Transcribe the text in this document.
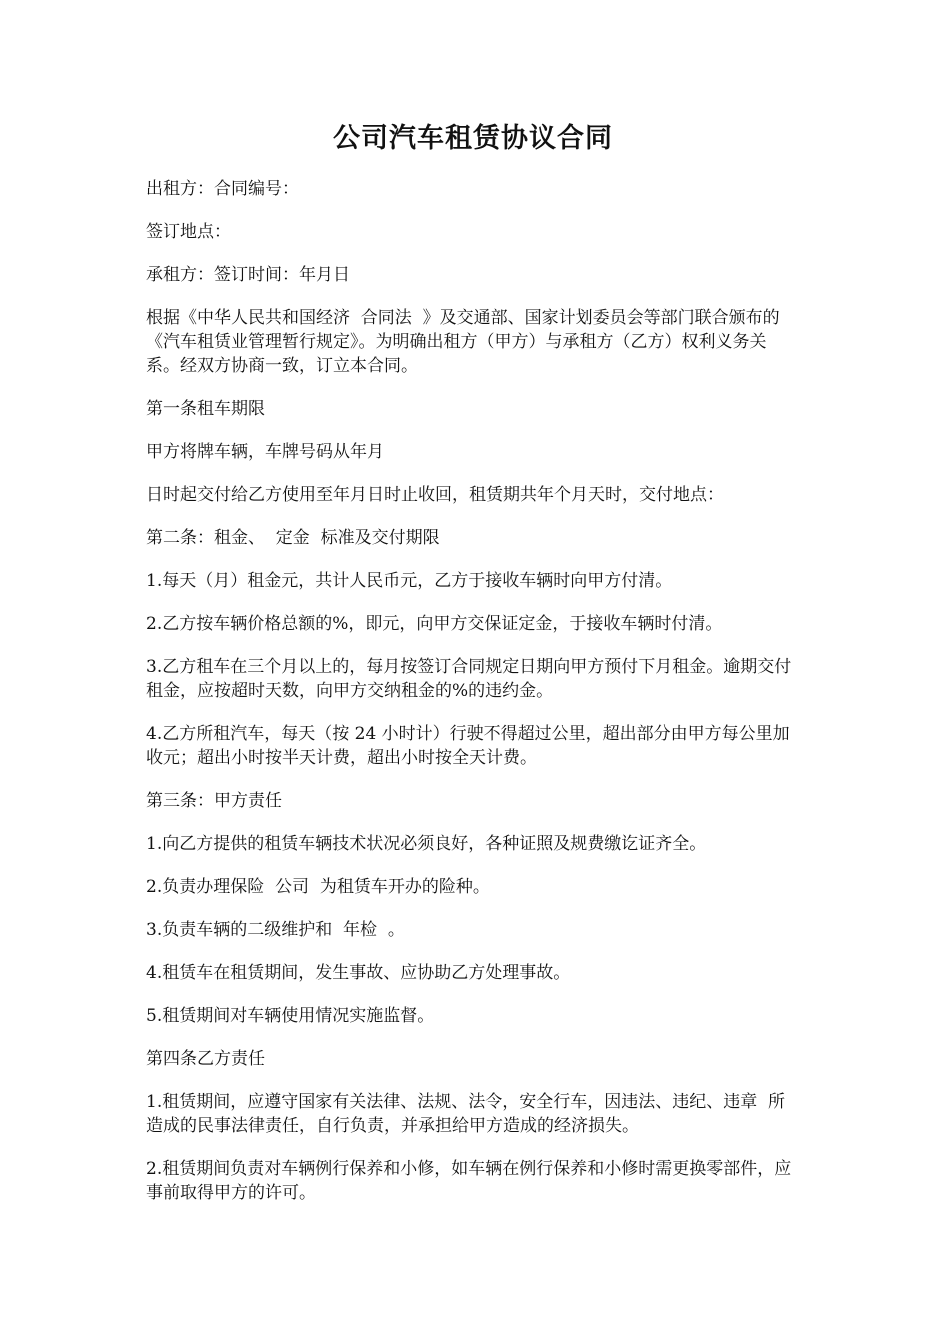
公司汽车租赁协议合同

出租方：合同编号：

签订地点：

承租方：签订时间：年月日

根据《中华人民共和国经济  合同法  》及交通部、国家计划委员会等部门联合颁布的《汽车租赁业管理暂行规定》。为明确出租方（甲方）与承租方（乙方）权利义务关系。经双方协商一致，订立本合同。

第一条租车期限

甲方将牌车辆，车牌号码从年月

日时起交付给乙方使用至年月日时止收回，租赁期共年个月天时，交付地点：

第二条：租金、  定金  标准及交付期限

1.每天（月）租金元，共计人民币元，乙方于接收车辆时向甲方付清。

2.乙方按车辆价格总额的%，即元，向甲方交保证定金，于接收车辆时付清。

3.乙方租车在三个月以上的，每月按签订合同规定日期向甲方预付下月租金。逾期交付租金，应按超时天数，向甲方交纳租金的%的违约金。

4.乙方所租汽车，每天（按 24 小时计）行驶不得超过公里，超出部分由甲方每公里加收元；超出小时按半天计费，超出小时按全天计费。

第三条：甲方责任

1.向乙方提供的租赁车辆技术状况必须良好，各种证照及规费缴讫证齐全。

2.负责办理保险  公司  为租赁车开办的险种。

3.负责车辆的二级维护和  年检  。

4.租赁车在租赁期间，发生事故、应协助乙方处理事故。

5.租赁期间对车辆使用情况实施监督。

第四条乙方责任

1.租赁期间，应遵守国家有关法律、法规、法令，安全行车，因违法、违纪、违章  所造成的民事法律责任，自行负责，并承担给甲方造成的经济损失。

2.租赁期间负责对车辆例行保养和小修，如车辆在例行保养和小修时需更换零部件，应事前取得甲方的许可。
